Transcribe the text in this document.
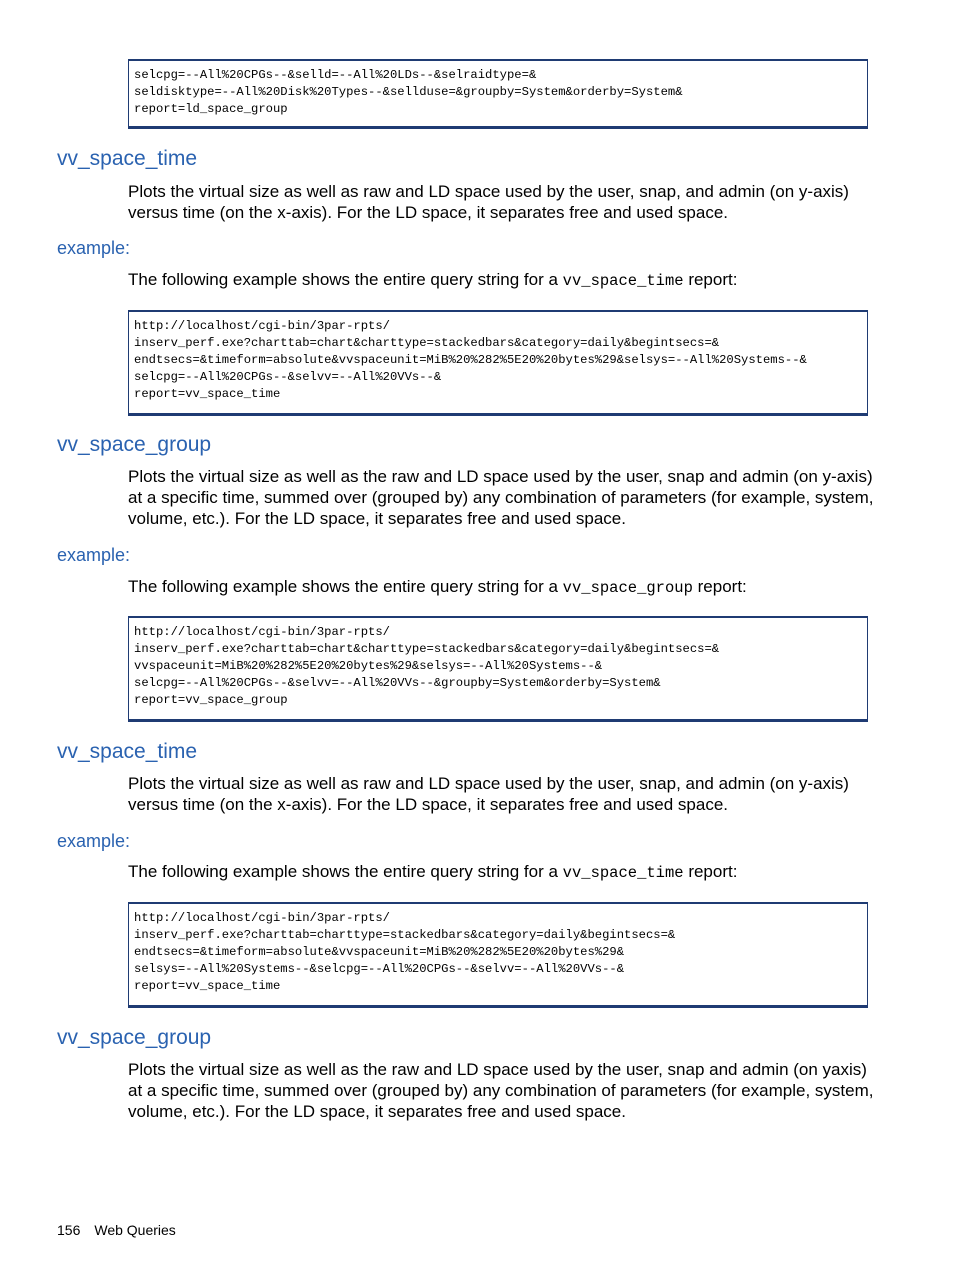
selcpg=--All%20CPGs--&selld=--All%20LDs--&selraidtype=&
seldisktype=--All%20Disk%20Types--&sellduse=&groupby=System&orderby=System&
report=ld_space_group
vv_space_time
Plots the virtual size as well as raw and LD space used by the user, snap, and admin (on y-axis)
versus time (on the x-axis). For the LD space, it separates free and used space.
example:
The following example shows the entire query string for a vv_space_time report:
http://localhost/cgi-bin/3par-rpts/
inserv_perf.exe?charttab=chart&charttype=stackedbars&category=daily&begintsecs=&
endtsecs=&timeform=absolute&vvspaceunit=MiB%20%282%5E20%20bytes%29&selsys=--All%20Systems--&
selcpg=--All%20CPGs--&selvv=--All%20VVs--&
report=vv_space_time
vv_space_group
Plots the virtual size as well as the raw and LD space used by the user, snap and admin (on y-axis)
at a specific time, summed over (grouped by) any combination of parameters (for example, system,
volume, etc.). For the LD space, it separates free and used space.
example:
The following example shows the entire query string for a vv_space_group report:
http://localhost/cgi-bin/3par-rpts/
inserv_perf.exe?charttab=chart&charttype=stackedbars&category=daily&begintsecs=&
vvspaceunit=MiB%20%282%5E20%20bytes%29&selsys=--All%20Systems--&
selcpg=--All%20CPGs--&selvv=--All%20VVs--&groupby=System&orderby=System&
report=vv_space_group
vv_space_time
Plots the virtual size as well as raw and LD space used by the user, snap, and admin (on y-axis)
versus time (on the x-axis). For the LD space, it separates free and used space.
example:
The following example shows the entire query string for a vv_space_time report:
http://localhost/cgi-bin/3par-rpts/
inserv_perf.exe?charttab=charttype=stackedbars&category=daily&begintsecs=&
endtsecs=&timeform=absolute&vvspaceunit=MiB%20%282%5E20%20bytes%29&
selsys=--All%20Systems--&selcpg=--All%20CPGs--&selvv=--All%20VVs--&
report=vv_space_time
vv_space_group
Plots the virtual size as well as the raw and LD space used by the user, snap and admin (on yaxis)
at a specific time, summed over (grouped by) any combination of parameters (for example, system,
volume, etc.). For the LD space, it separates free and used space.
156 Web Queries
